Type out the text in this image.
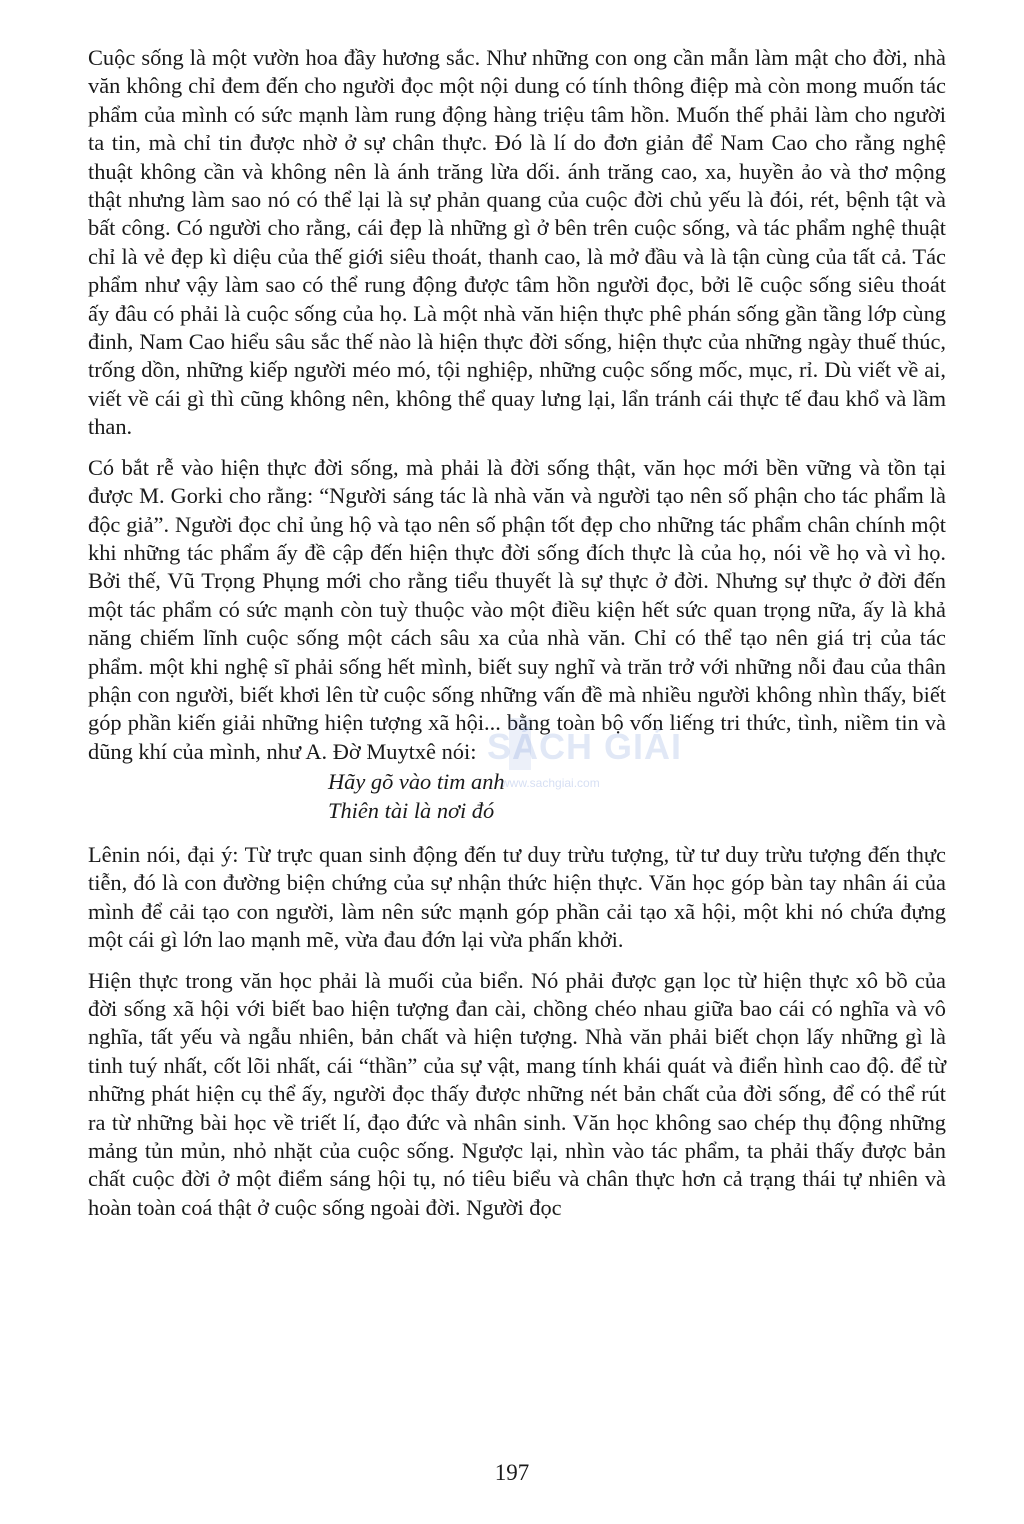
Cuộc sống là một vườn hoa đầy hương sắc. Như những con ong cần mẫn làm mật cho đời, nhà văn không chỉ đem đến cho người đọc một nội dung có tính thông điệp mà còn mong muốn tác phẩm của mình có sức mạnh làm rung động hàng triệu tâm hồn. Muốn thế phải làm cho người ta tin, mà chỉ tin được nhờ ở sự chân thực. Đó là lí do đơn giản để Nam Cao cho rằng nghệ thuật không cần và không nên là ánh trăng lừa dối. ánh trăng cao, xa, huyền ảo và thơ mộng thật nhưng làm sao nó có thể lại là sự phản quang của cuộc đời chủ yếu là đói, rét, bệnh tật và bất công. Có người cho rằng, cái đẹp là những gì ở bên trên cuộc sống, và tác phẩm nghệ thuật chỉ là vẻ đẹp kì diệu của thế giới siêu thoát, thanh cao, là mở đầu và là tận cùng của tất cả. Tác phẩm như vậy làm sao có thể rung động được tâm hồn người đọc, bởi lẽ cuộc sống siêu thoát ấy đâu có phải là cuộc sống của họ. Là một nhà văn hiện thực phê phán sống gần tầng lớp cùng đinh, Nam Cao hiểu sâu sắc thế nào là hiện thực đời sống, hiện thực của những ngày thuế thúc, trống dồn, những kiếp người méo mó, tội nghiệp, những cuộc sống mốc, mục, rỉ. Dù viết về ai, viết về cái gì thì cũng không nên, không thể quay lưng lại, lẩn tránh cái thực tế đau khổ và lầm than.

Có bắt rễ vào hiện thực đời sống, mà phải là đời sống thật, văn học mới bền vững và tồn tại được M. Gorki cho rằng: “Người sáng tác là nhà văn và người tạo nên số phận cho tác phẩm là độc giả”. Người đọc chỉ ủng hộ và tạo nên số phận tốt đẹp cho những tác phẩm chân chính một khi những tác phẩm ấy đề cập đến hiện thực đời sống đích thực là của họ, nói về họ và vì họ. Bởi thế, Vũ Trọng Phụng mới cho rằng tiểu thuyết là sự thực ở đời. Nhưng sự thực ở đời đến một tác phẩm có sức mạnh còn tuỳ thuộc vào một điều kiện hết sức quan trọng nữa, ấy là khả năng chiếm lĩnh cuộc sống một cách sâu xa của nhà văn. Chỉ có thể tạo nên giá trị của tác phẩm. một khi nghệ sĩ phải sống hết mình, biết suy nghĩ và trăn trở với những nỗi đau của thân phận con người, biết khơi lên từ cuộc sống những vấn đề mà nhiều người không nhìn thấy, biết góp phần kiến giải những hiện tượng xã hội... bằng toàn bộ vốn liếng tri thức, tình, niềm tin và dũng khí của mình, như A. Đờ Muytxê nói:

Hãy gõ vào tim anh
Thiên tài là nơi đó

Lênin nói, đại ý: Từ trực quan sinh động đến tư duy trừu tượng, từ tư duy trừu tượng đến thực tiễn, đó là con đường biện chứng của sự nhận thức hiện thực. Văn học góp bàn tay nhân ái của mình để cải tạo con người, làm nên sức mạnh góp phần cải tạo xã hội, một khi nó chứa đựng một cái gì lớn lao mạnh mẽ, vừa đau đớn lại vừa phấn khởi.

Hiện thực trong văn học phải là muối của biển. Nó phải được gạn lọc từ hiện thực xô bồ của đời sống xã hội với biết bao hiện tượng đan cài, chồng chéo nhau giữa bao cái có nghĩa và vô nghĩa, tất yếu và ngẫu nhiên, bản chất và hiện tượng. Nhà văn phải biết chọn lấy những gì là tinh tuý nhất, cốt lõi nhất, cái “thần” của sự vật, mang tính khái quát và điển hình cao độ. để từ những phát hiện cụ thể ấy, người đọc thấy được những nét bản chất của đời sống, để có thể rút ra từ những bài học về triết lí, đạo đức và nhân sinh. Văn học không sao chép thụ động những mảng tủn mủn, nhỏ nhặt của cuộc sống. Ngược lại, nhìn vào tác phẩm, ta phải thấy được bản chất cuộc đời ở một điểm sáng hội tụ, nó tiêu biểu và chân thực hơn cả trạng thái tự nhiên và hoàn toàn coá thật ở cuộc sống ngoài đời. Người đọc

SÁCH GIẢI
www.sachgiai.com
197
